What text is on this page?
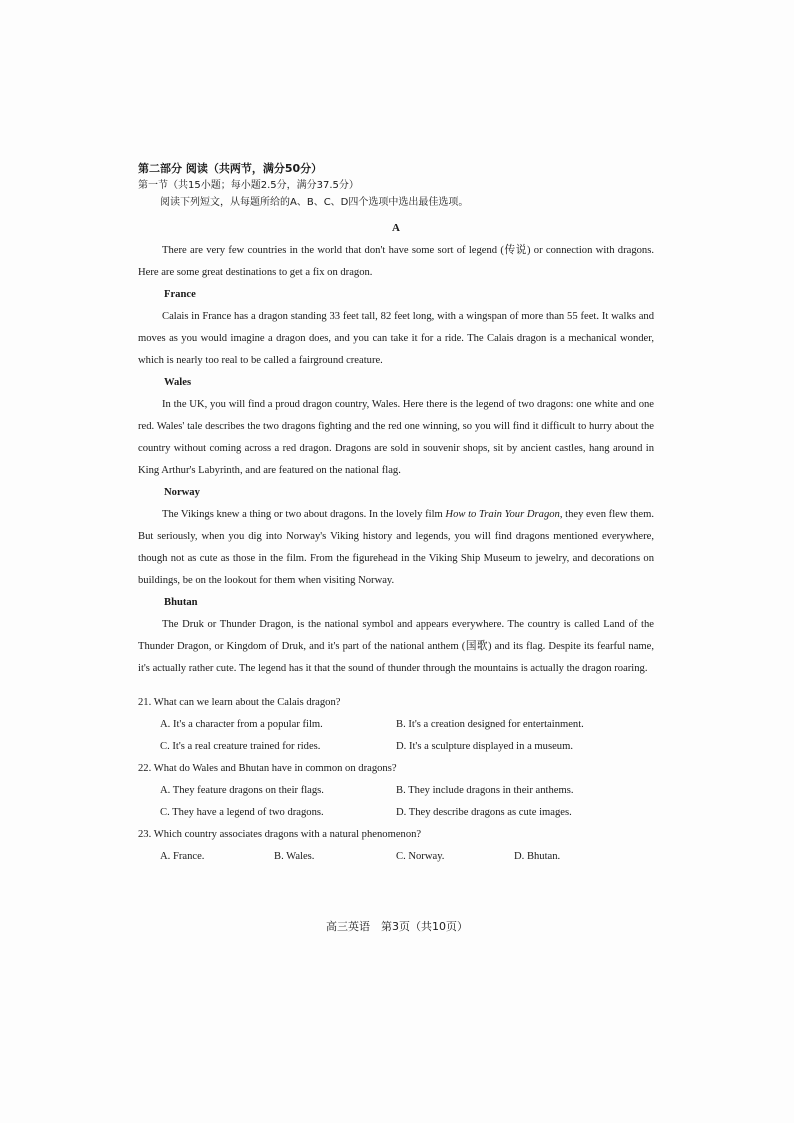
第二部分 阅读（共两节，满分50分）

第一节（共15小题；每小题2.5分，满分37.5分）

阅读下列短文，从每题所给的A、B、C、D四个选项中选出最佳选项。

A

There are very few countries in the world that don't have some sort of legend (传说) or connection with dragons. Here are some great destinations to get a fix on dragon.

France

Calais in France has a dragon standing 33 feet tall, 82 feet long, with a wingspan of more than 55 feet. It walks and moves as you would imagine a dragon does, and you can take it for a ride. The Calais dragon is a mechanical wonder, which is nearly too real to be called a fairground creature.

Wales

In the UK, you will find a proud dragon country, Wales. Here there is the legend of two dragons: one white and one red. Wales' tale describes the two dragons fighting and the red one winning, so you will find it difficult to hurry about the country without coming across a red dragon. Dragons are sold in souvenir shops, sit by ancient castles, hang around in King Arthur's Labyrinth, and are featured on the national flag.

Norway

The Vikings knew a thing or two about dragons. In the lovely film How to Train Your Dragon, they even flew them. But seriously, when you dig into Norway's Viking history and legends, you will find dragons mentioned everywhere, though not as cute as those in the film. From the figurehead in the Viking Ship Museum to jewelry, and decorations on buildings, be on the lookout for them when visiting Norway.

Bhutan

The Druk or Thunder Dragon, is the national symbol and appears everywhere. The country is called Land of the Thunder Dragon, or Kingdom of Druk, and it's part of the national anthem (国歌) and its flag. Despite its fearful name, it's actually rather cute. The legend has it that the sound of thunder through the mountains is actually the dragon roaring.

21. What can we learn about the Calais dragon?

A. It's a character from a popular film.	B. It's a creation designed for entertainment.
C. It's a real creature trained for rides.	D. It's a sculpture displayed in a museum.

22. What do Wales and Bhutan have in common on dragons?

A. They feature dragons on their flags.	B. They include dragons in their anthems.
C. They have a legend of two dragons.	D. They describe dragons as cute images.

23. Which country associates dragons with a natural phenomenon?

A. France.	B. Wales.	C. Norway.	D. Bhutan.
高三英语　第3页（共10页）
